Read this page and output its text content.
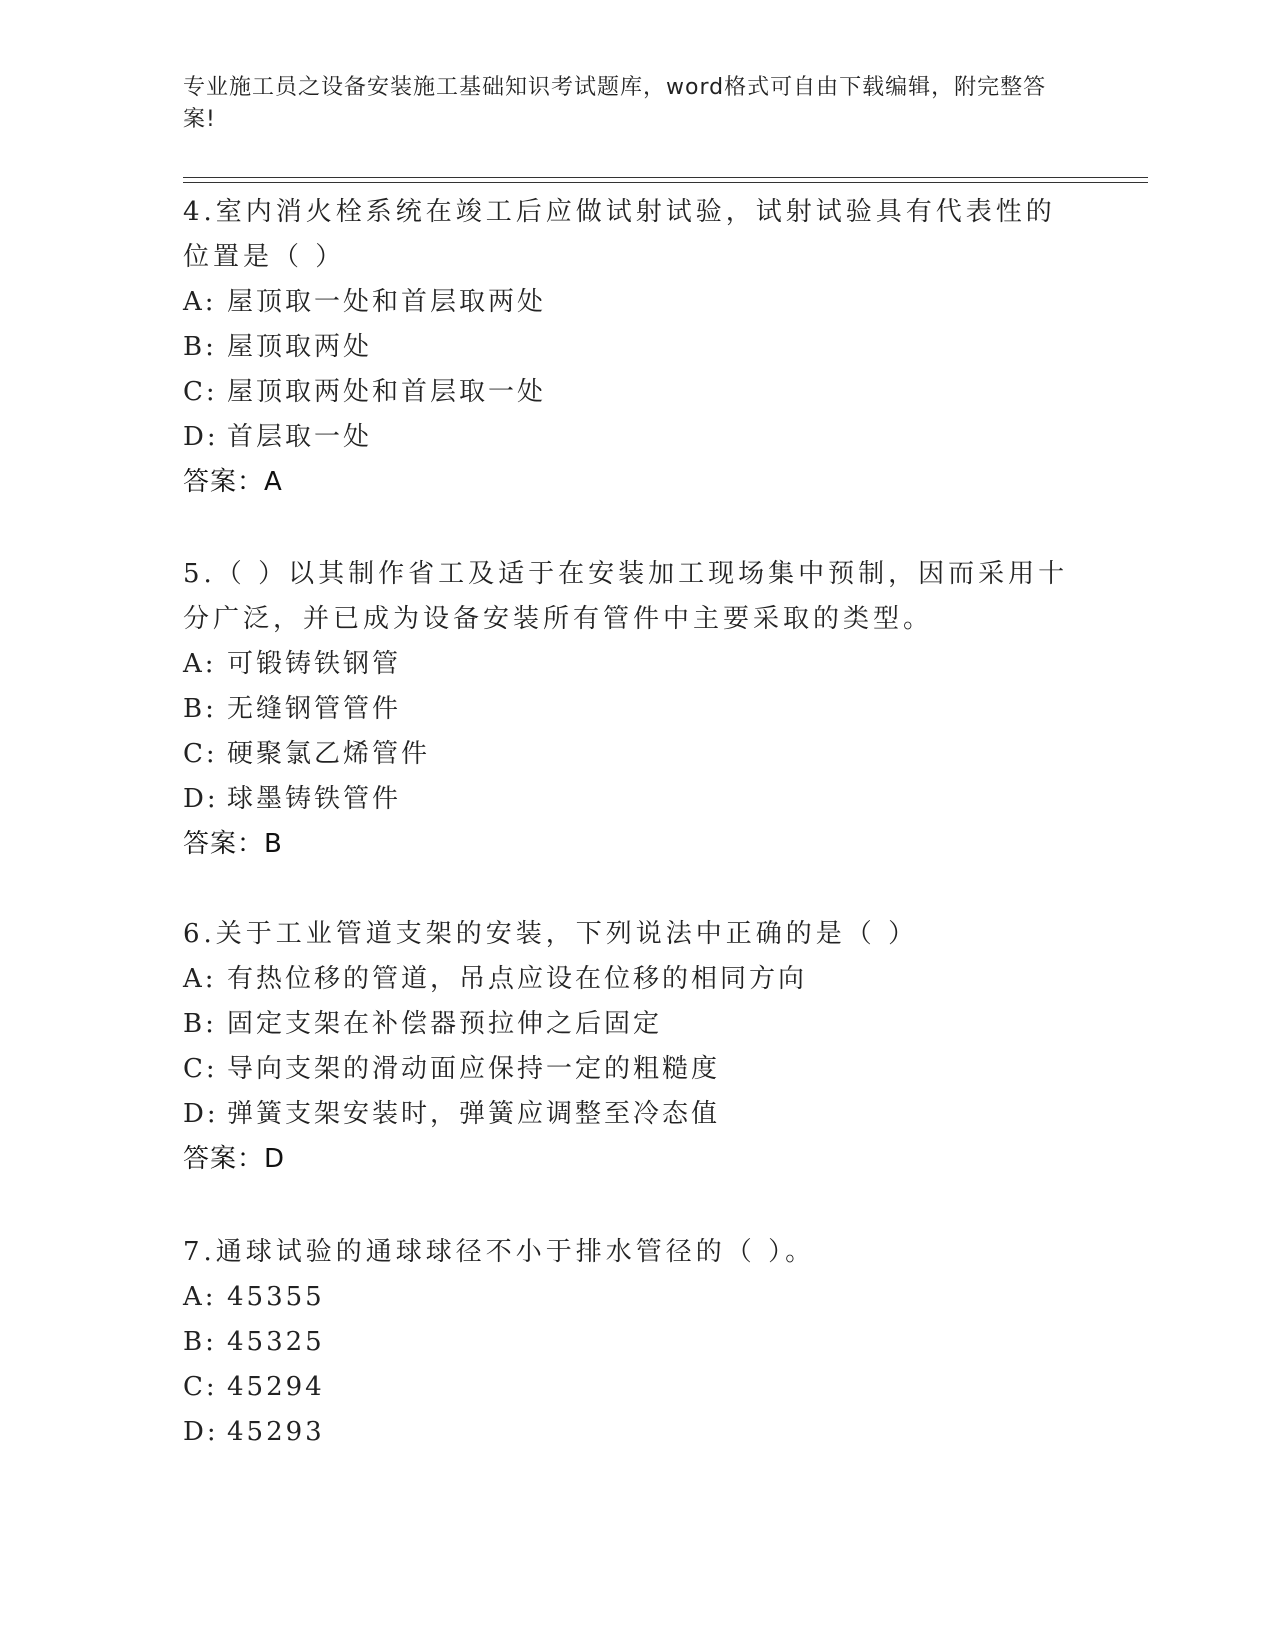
专业施工员之设备安装施工基础知识考试题库，word格式可自由下载编辑，附完整答案!

4.室内消火栓系统在竣工后应做试射试验，试射试验具有代表性的位置是（ ）

A: 屋顶取一处和首层取两处

B: 屋顶取两处

C: 屋顶取两处和首层取一处

D: 首层取一处

答案：A

5.（ ）以其制作省工及适于在安装加工现场集中预制，因而采用十分广泛，并已成为设备安装所有管件中主要采取的类型。

A: 可锻铸铁钢管

B: 无缝钢管管件

C: 硬聚氯乙烯管件

D: 球墨铸铁管件

答案：B

6.关于工业管道支架的安装，下列说法中正确的是（ ）

A: 有热位移的管道，吊点应设在位移的相同方向

B: 固定支架在补偿器预拉伸之后固定

C: 导向支架的滑动面应保持一定的粗糙度

D: 弹簧支架安装时，弹簧应调整至冷态值

答案：D

7.通球试验的通球球径不小于排水管径的（ ）。

A: 45355

B: 45325

C: 45294

D: 45293
